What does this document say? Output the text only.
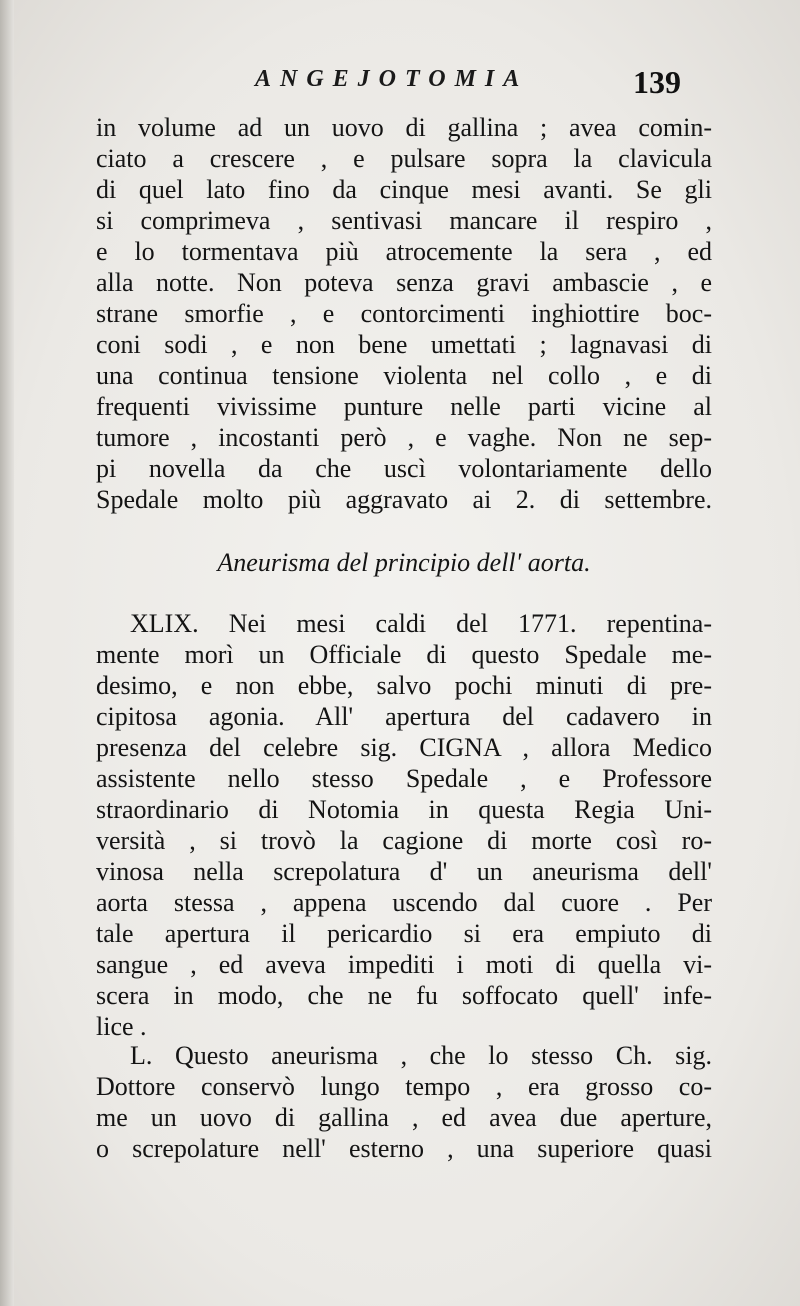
ANGEJOTOMIA	139
in volume ad un uovo di gallina ; avea comin-
ciato a crescere , e pulsare sopra la clavicula
di quel lato fino da cinque mesi avanti. Se gli
si comprimeva , sentivasi mancare il respiro ,
e lo tormentava più atrocemente la sera , ed
alla notte. Non poteva senza gravi ambascie , e
strane smorfie , e contorcimenti inghiottire boc-
coni sodi , e non bene umettati ; lagnavasi di
una continua tensione violenta nel collo , e di
frequenti vivissime punture nelle parti vicine al
tumore , incostanti però , e vaghe. Non ne sep-
pi novella da che uscì volontariamente dello
Spedale molto più aggravato ai 2. di settembre.
Aneurisma del principio dell' aorta.
XLIX. Nei mesi caldi del 1771. repentina-
mente morì un Officiale di questo Spedale me-
desimo, e non ebbe, salvo pochi minuti di pre-
cipitosa agonia. All' apertura del cadavero in
presenza del celebre sig. CIGNA , allora Medico
assistente nello stesso Spedale , e Professore
straordinario di Notomia in questa Regia Uni-
versità , si trovò la cagione di morte così ro-
vinosa nella screpolatura d' un aneurisma dell'
aorta stessa , appena uscendo dal cuore . Per
tale apertura il pericardio si era empiuto di
sangue , ed aveva impediti i moti di quella vi-
scera in modo, che ne fu soffocato quell' infe-
lice .
L. Questo aneurisma , che lo stesso Ch. sig.
Dottore conservò lungo tempo , era grosso co-
me un uovo di gallina , ed avea due aperture,
o screpolature nell' esterno , una superiore quasi
